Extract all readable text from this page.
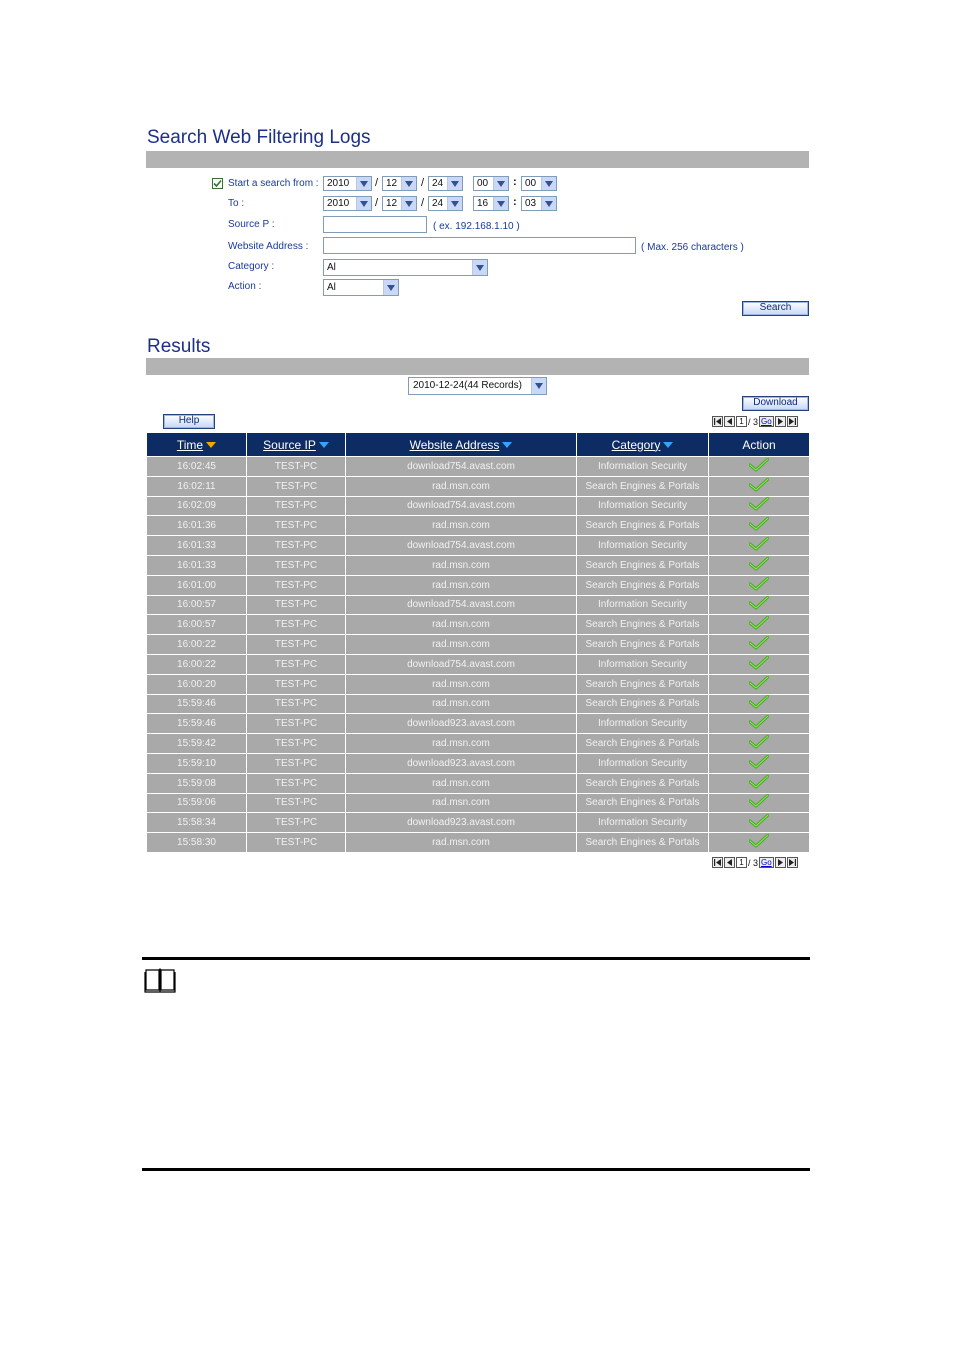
Search Web Filtering Logs
Start a search from : 2010	/ 12	/ 24	00	: 00
To :	2010	/ 12	/ 24	16	: 03
Source P :	( ex. 192.168.1.10 )
Website Address :	( Max. 256 characters )
Category :	Al
Action :	Al
Search
Results
2010-12-24(44 Records)
Download
Help	1 / 3 Go
Time	Source IP	Website Address	Category	Action
16:02:45	TEST-PC	download754.avast.com	Information Security	
16:02:11	TEST-PC	rad.msn.com	Search Engines & Portals	
16:02:09	TEST-PC	download754.avast.com	Information Security	
16:01:36	TEST-PC	rad.msn.com	Search Engines & Portals	
16:01:33	TEST-PC	download754.avast.com	Information Security	
16:01:33	TEST-PC	rad.msn.com	Search Engines & Portals	
16:01:00	TEST-PC	rad.msn.com	Search Engines & Portals	
16:00:57	TEST-PC	download754.avast.com	Information Security	
16:00:57	TEST-PC	rad.msn.com	Search Engines & Portals	
16:00:22	TEST-PC	rad.msn.com	Search Engines & Portals	
16:00:22	TEST-PC	download754.avast.com	Information Security	
16:00:20	TEST-PC	rad.msn.com	Search Engines & Portals	
15:59:46	TEST-PC	rad.msn.com	Search Engines & Portals	
15:59:46	TEST-PC	download923.avast.com	Information Security	
15:59:42	TEST-PC	rad.msn.com	Search Engines & Portals	
15:59:10	TEST-PC	download923.avast.com	Information Security	
15:59:08	TEST-PC	rad.msn.com	Search Engines & Portals	
15:59:06	TEST-PC	rad.msn.com	Search Engines & Portals	
15:58:34	TEST-PC	download923.avast.com	Information Security	
15:58:30	TEST-PC	rad.msn.com	Search Engines & Portals	
1 / 3 Go
